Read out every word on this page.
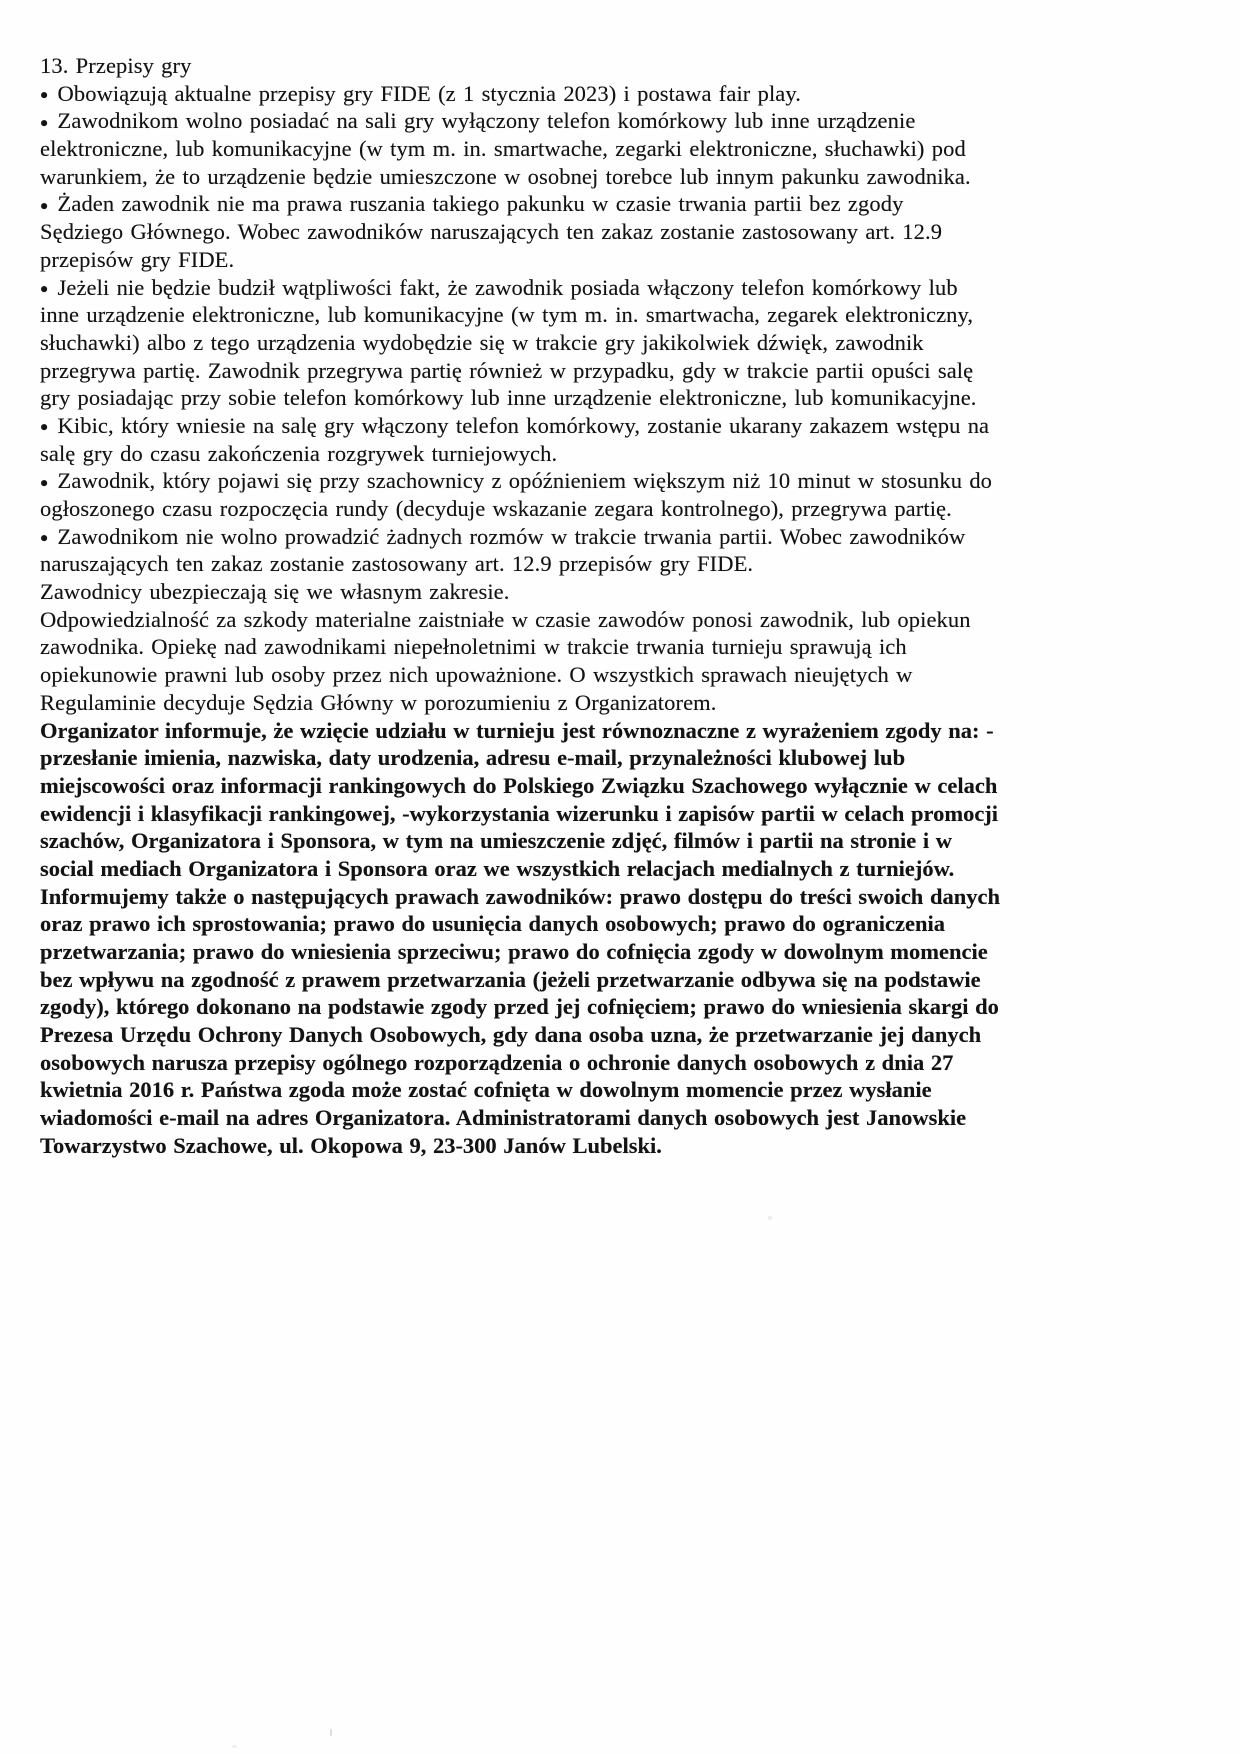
13. Przepisy gry
● Obowiązują aktualne przepisy gry FIDE (z 1 stycznia 2023) i postawa fair play.
● Zawodnikom wolno posiadać na sali gry wyłączony telefon komórkowy lub inne urządzenie
elektroniczne, lub komunikacyjne (w tym m. in. smartwache, zegarki elektroniczne, słuchawki) pod
warunkiem, że to urządzenie będzie umieszczone w osobnej torebce lub innym pakunku zawodnika.
● Żaden zawodnik nie ma prawa ruszania takiego pakunku w czasie trwania partii bez zgody
Sędziego Głównego. Wobec zawodników naruszających ten zakaz zostanie zastosowany art. 12.9
przepisów gry FIDE.
● Jeżeli nie będzie budził wątpliwości fakt, że zawodnik posiada włączony telefon komórkowy lub
inne urządzenie elektroniczne, lub komunikacyjne (w tym m. in. smartwacha, zegarek elektroniczny,
słuchawki) albo z tego urządzenia wydobędzie się w trakcie gry jakikolwiek dźwięk, zawodnik
przegrywa partię. Zawodnik przegrywa partię również w przypadku, gdy w trakcie partii opuści salę
gry posiadając przy sobie telefon komórkowy lub inne urządzenie elektroniczne, lub komunikacyjne.
● Kibic, który wniesie na salę gry włączony telefon komórkowy, zostanie ukarany zakazem wstępu na
salę gry do czasu zakończenia rozgrywek turniejowych.
● Zawodnik, który pojawi się przy szachownicy z opóźnieniem większym niż 10 minut w stosunku do
ogłoszonego czasu rozpoczęcia rundy (decyduje wskazanie zegara kontrolnego), przegrywa partię.
● Zawodnikom nie wolno prowadzić żadnych rozmów w trakcie trwania partii. Wobec zawodników
naruszających ten zakaz zostanie zastosowany art. 12.9 przepisów gry FIDE.
Zawodnicy ubezpieczają się we własnym zakresie.
Odpowiedzialność za szkody materialne zaistniałe w czasie zawodów ponosi zawodnik, lub opiekun
zawodnika. Opiekę nad zawodnikami niepełnoletnimi w trakcie trwania turnieju sprawują ich
opiekunowie prawni lub osoby przez nich upoważnione. O wszystkich sprawach nieujętych w
Regulaminie decyduje Sędzia Główny w porozumieniu z Organizatorem.
Organizator informuje, że wzięcie udziału w turnieju jest równoznaczne z wyrażeniem zgody na: -
przesłanie imienia, nazwiska, daty urodzenia, adresu e-mail, przynależności klubowej lub
miejscowości oraz informacji rankingowych do Polskiego Związku Szachowego wyłącznie w celach
ewidencji i klasyfikacji rankingowej, -wykorzystania wizerunku i zapisów partii w celach promocji
szachów, Organizatora i Sponsora, w tym na umieszczenie zdjęć, filmów i partii na stronie i w
social mediach Organizatora i Sponsora oraz we wszystkich relacjach medialnych z turniejów.
Informujemy także o następujących prawach zawodników: prawo dostępu do treści swoich danych
oraz prawo ich sprostowania; prawo do usunięcia danych osobowych; prawo do ograniczenia
przetwarzania; prawo do wniesienia sprzeciwu; prawo do cofnięcia zgody w dowolnym momencie
bez wpływu na zgodność z prawem przetwarzania (jeżeli przetwarzanie odbywa się na podstawie
zgody), którego dokonano na podstawie zgody przed jej cofnięciem; prawo do wniesienia skargi do
Prezesa Urzędu Ochrony Danych Osobowych, gdy dana osoba uzna, że przetwarzanie jej danych
osobowych narusza przepisy ogólnego rozporządzenia o ochronie danych osobowych z dnia 27
kwietnia 2016 r. Państwa zgoda może zostać cofnięta w dowolnym momencie przez wysłanie
wiadomości e-mail na adres Organizatora. Administratorami danych osobowych jest Janowskie
Towarzystwo Szachowe, ul. Okopowa 9, 23-300 Janów Lubelski.
